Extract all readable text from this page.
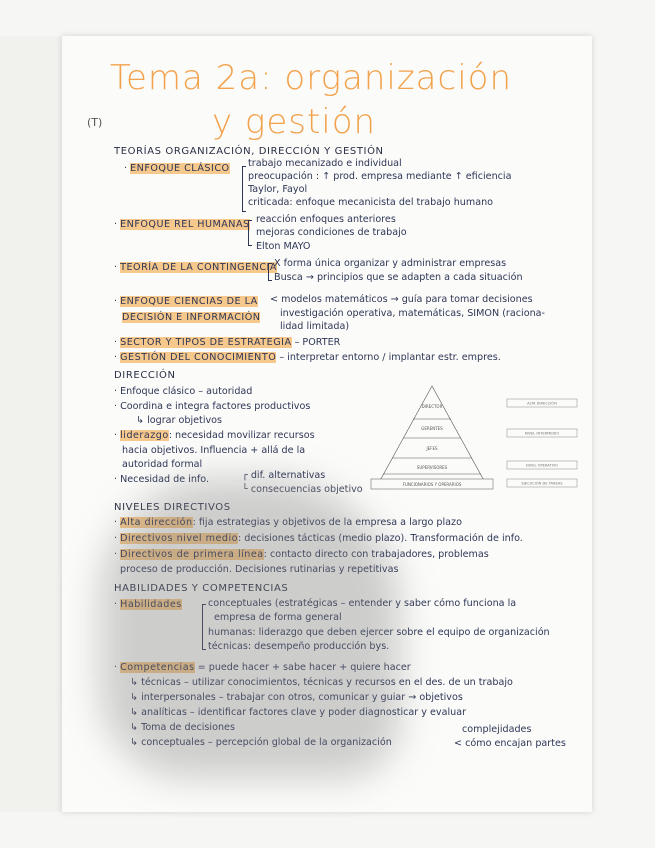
(T)
Tema 2a: organización
y gestión
TEORÍAS ORGANIZACIÓN, DIRECCIÓN Y GESTIÓN
· ENFOQUE CLÁSICO trabajo mecanizado e individual
preocupación : ↑ prod. empresa mediante ↑ eficiencia
Taylor, Fayol
criticada: enfoque mecanicista del trabajo humano
· ENFOQUE REL HUMANAS reacción enfoques anteriores
mejoras condiciones de trabajo
Elton MAYO
· TEORÍA DE LA CONTINGENCIA
X forma única organizar y administrar empresas
Busca → principios que se adapten a cada situación
· ENFOQUE CIENCIAS DE LA
DECISIÓN E INFORMACIÓN
< modelos matemáticos → guía para tomar decisiones
investigación operativa, matemáticas, SIMON (raciona-
lidad limitada)
· SECTOR Y TIPOS DE ESTRATEGIA – PORTER
· GESTIÓN DEL CONOCIMIENTO – interpretar entorno / implantar estr. empres.
DIRECCIÓN
· Enfoque clásico – autoridad
· Coordina e integra factores productivos
↳ lograr objetivos
· liderazgo: necesidad movilizar recursos
hacia objetivos. Influencia + allá de la
autoridad formal
· Necesidad de info.	┌ dif. alternativas
└ consecuencias objetivo
DIRECTOR
GERENTES
JEFES
SUPERVISORES
FUNCIONARIOS Y OPERARIOS
ALTA DIRECCIÓN
NIVEL INTERMEDIO
NIVEL OPERATIVO
EJECUCIÓN DE TAREAS
NIVELES DIRECTIVOS
· Alta dirección: fija estrategias y objetivos de la empresa a largo plazo
· Directivos nivel medio: decisiones tácticas (medio plazo). Transformación de info.
· Directivos de primera línea: contacto directo con trabajadores, problemas
proceso de producción. Decisiones rutinarias y repetitivas
HABILIDADES Y COMPETENCIAS
· Habilidades	conceptuales (estratégicas – entender y saber cómo funciona la
empresa de forma general
humanas: liderazgo que deben ejercer sobre el equipo de organización
técnicas: desempeño producción bys.
· Competencias = puede hacer + sabe hacer + quiere hacer
↳ técnicas – utilizar conocimientos, técnicas y recursos en el des. de un trabajo
↳ interpersonales – trabajar con otros, comunicar y guiar → objetivos
↳ analíticas – identificar factores clave y poder diagnosticar y evaluar
↳ Toma de decisiones
↳ conceptuales – percepción global de la organización
complejidades
< cómo encajan partes
